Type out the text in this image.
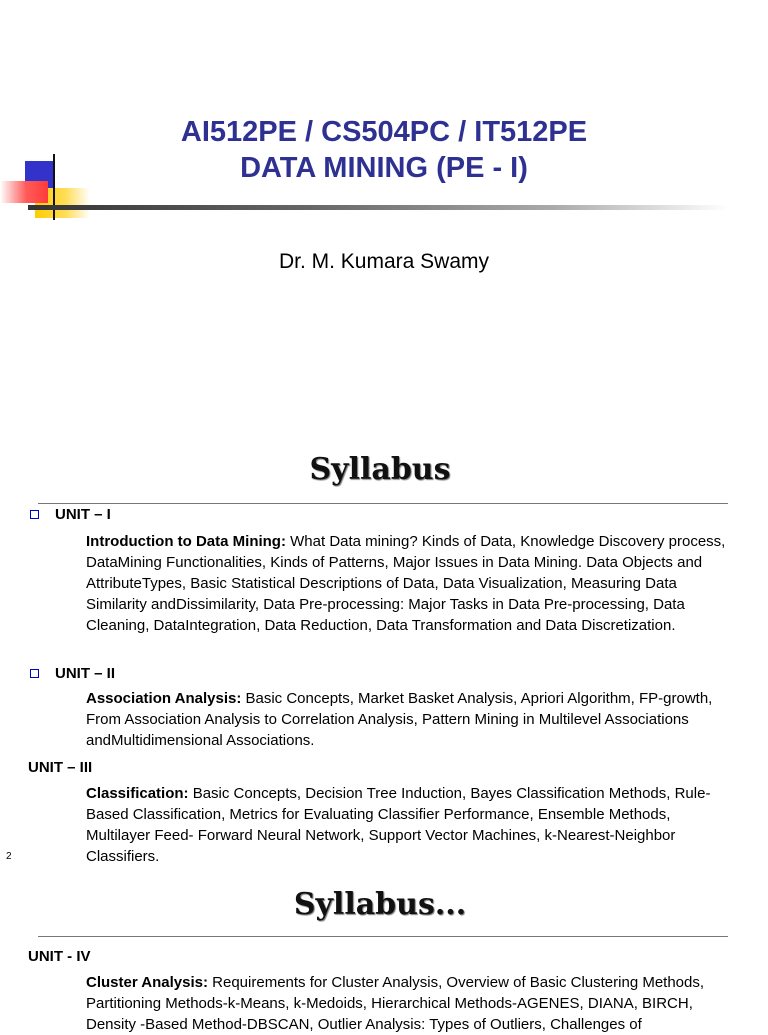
AI512PE / CS504PC / IT512PE
DATA MINING (PE - I)
Dr. M. Kumara Swamy
Syllabus
UNIT – I
Introduction to Data Mining: What Data mining? Kinds of Data, Knowledge Discovery process, DataMining Functionalities, Kinds of Patterns, Major Issues in Data Mining. Data Objects and AttributeTypes, Basic Statistical Descriptions of Data, Data Visualization, Measuring Data Similarity andDissimilarity, Data Pre-processing: Major Tasks in Data Pre-processing, Data Cleaning, DataIntegration, Data Reduction, Data Transformation and Data Discretization.
UNIT – II
Association Analysis: Basic Concepts, Market Basket Analysis, Apriori Algorithm, FP-growth, From Association Analysis to Correlation Analysis, Pattern Mining in Multilevel Associations andMultidimensional Associations.
UNIT – III
Classification: Basic Concepts, Decision Tree Induction, Bayes Classification Methods, Rule-Based Classification, Metrics for Evaluating Classifier Performance, Ensemble Methods, Multilayer Feed- Forward Neural Network, Support Vector Machines, k-Nearest-Neighbor Classifiers.
2
Syllabus...
UNIT - IV
Cluster Analysis: Requirements for Cluster Analysis, Overview of Basic Clustering Methods, Partitioning Methods-k-Means, k-Medoids, Hierarchical Methods-AGENES, DIANA, BIRCH, Density -Based Method-DBSCAN, Outlier Analysis: Types of Outliers, Challenges of
